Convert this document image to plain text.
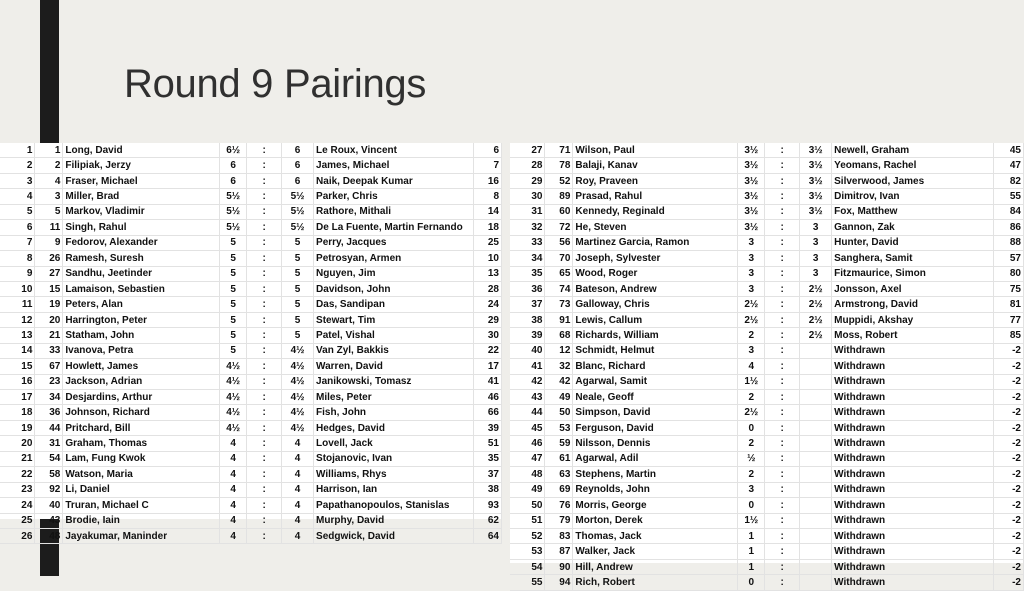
Round 9 Pairings
1	1	Long, David	6½	:	6	Le Roux, Vincent	6
2	2	Filipiak, Jerzy	6	:	6	James, Michael	7
3	4	Fraser, Michael	6	:	6	Naik, Deepak Kumar	16
4	3	Miller, Brad	5½	:	5½	Parker, Chris	8
5	5	Markov, Vladimir	5½	:	5½	Rathore, Mithali	14
6	11	Singh, Rahul	5½	:	5½	De La Fuente, Martin Fernando	18
7	9	Fedorov, Alexander	5	:	5	Perry, Jacques	25
8	26	Ramesh, Suresh	5	:	5	Petrosyan, Armen	10
9	27	Sandhu, Jeetinder	5	:	5	Nguyen, Jim	13
10	15	Lamaison, Sebastien	5	:	5	Davidson, John	28
11	19	Peters, Alan	5	:	5	Das, Sandipan	24
12	20	Harrington, Peter	5	:	5	Stewart, Tim	29
13	21	Statham, John	5	:	5	Patel, Vishal	30
14	33	Ivanova, Petra	5	:	4½	Van Zyl, Bakkis	22
15	67	Howlett, James	4½	:	4½	Warren, David	17
16	23	Jackson, Adrian	4½	:	4½	Janikowski, Tomasz	41
17	34	Desjardins, Arthur	4½	:	4½	Miles, Peter	46
18	36	Johnson, Richard	4½	:	4½	Fish, John	66
19	44	Pritchard, Bill	4½	:	4½	Hedges, David	39
20	31	Graham, Thomas	4	:	4	Lovell, Jack	51
21	54	Lam, Fung Kwok	4	:	4	Stojanovic, Ivan	35
22	58	Watson, Maria	4	:	4	Williams, Rhys	37
23	92	Li, Daniel	4	:	4	Harrison, Ian	38
24	40	Truran, Michael C	4	:	4	Papathanopoulos, Stanislas	93
25	43	Brodie, Iain	4	:	4	Murphy, David	62
26	48	Jayakumar, Maninder	4	:	4	Sedgwick, David	64
27	71	Wilson, Paul	3½	:	3½	Newell, Graham	45
28	78	Balaji, Kanav	3½	:	3½	Yeomans, Rachel	47
29	52	Roy, Praveen	3½	:	3½	Silverwood, James	82
30	89	Prasad, Rahul	3½	:	3½	Dimitrov, Ivan	55
31	60	Kennedy, Reginald	3½	:	3½	Fox, Matthew	84
32	72	He, Steven	3½	:	3	Gannon, Zak	86
33	56	Martinez Garcia, Ramon	3	:	3	Hunter, David	88
34	70	Joseph, Sylvester	3	:	3	Sanghera, Samit	57
35	65	Wood, Roger	3	:	3	Fitzmaurice, Simon	80
36	74	Bateson, Andrew	3	:	2½	Jonsson, Axel	75
37	73	Galloway, Chris	2½	:	2½	Armstrong, David	81
38	91	Lewis, Callum	2½	:	2½	Muppidi, Akshay	77
39	68	Richards, William	2	:	2½	Moss, Robert	85
40	12	Schmidt, Helmut	3	:		Withdrawn	-2
41	32	Blanc, Richard	4	:		Withdrawn	-2
42	42	Agarwal, Samit	1½	:		Withdrawn	-2
43	49	Neale, Geoff	2	:		Withdrawn	-2
44	50	Simpson, David	2½	:		Withdrawn	-2
45	53	Ferguson, David	0	:		Withdrawn	-2
46	59	Nilsson, Dennis	2	:		Withdrawn	-2
47	61	Agarwal, Adil	½	:		Withdrawn	-2
48	63	Stephens, Martin	2	:		Withdrawn	-2
49	69	Reynolds, John	3	:		Withdrawn	-2
50	76	Morris, George	0	:		Withdrawn	-2
51	79	Morton, Derek	1½	:		Withdrawn	-2
52	83	Thomas, Jack	1	:		Withdrawn	-2
53	87	Walker, Jack	1	:		Withdrawn	-2
54	90	Hill, Andrew	1	:		Withdrawn	-2
55	94	Rich, Robert	0	:		Withdrawn	-2
